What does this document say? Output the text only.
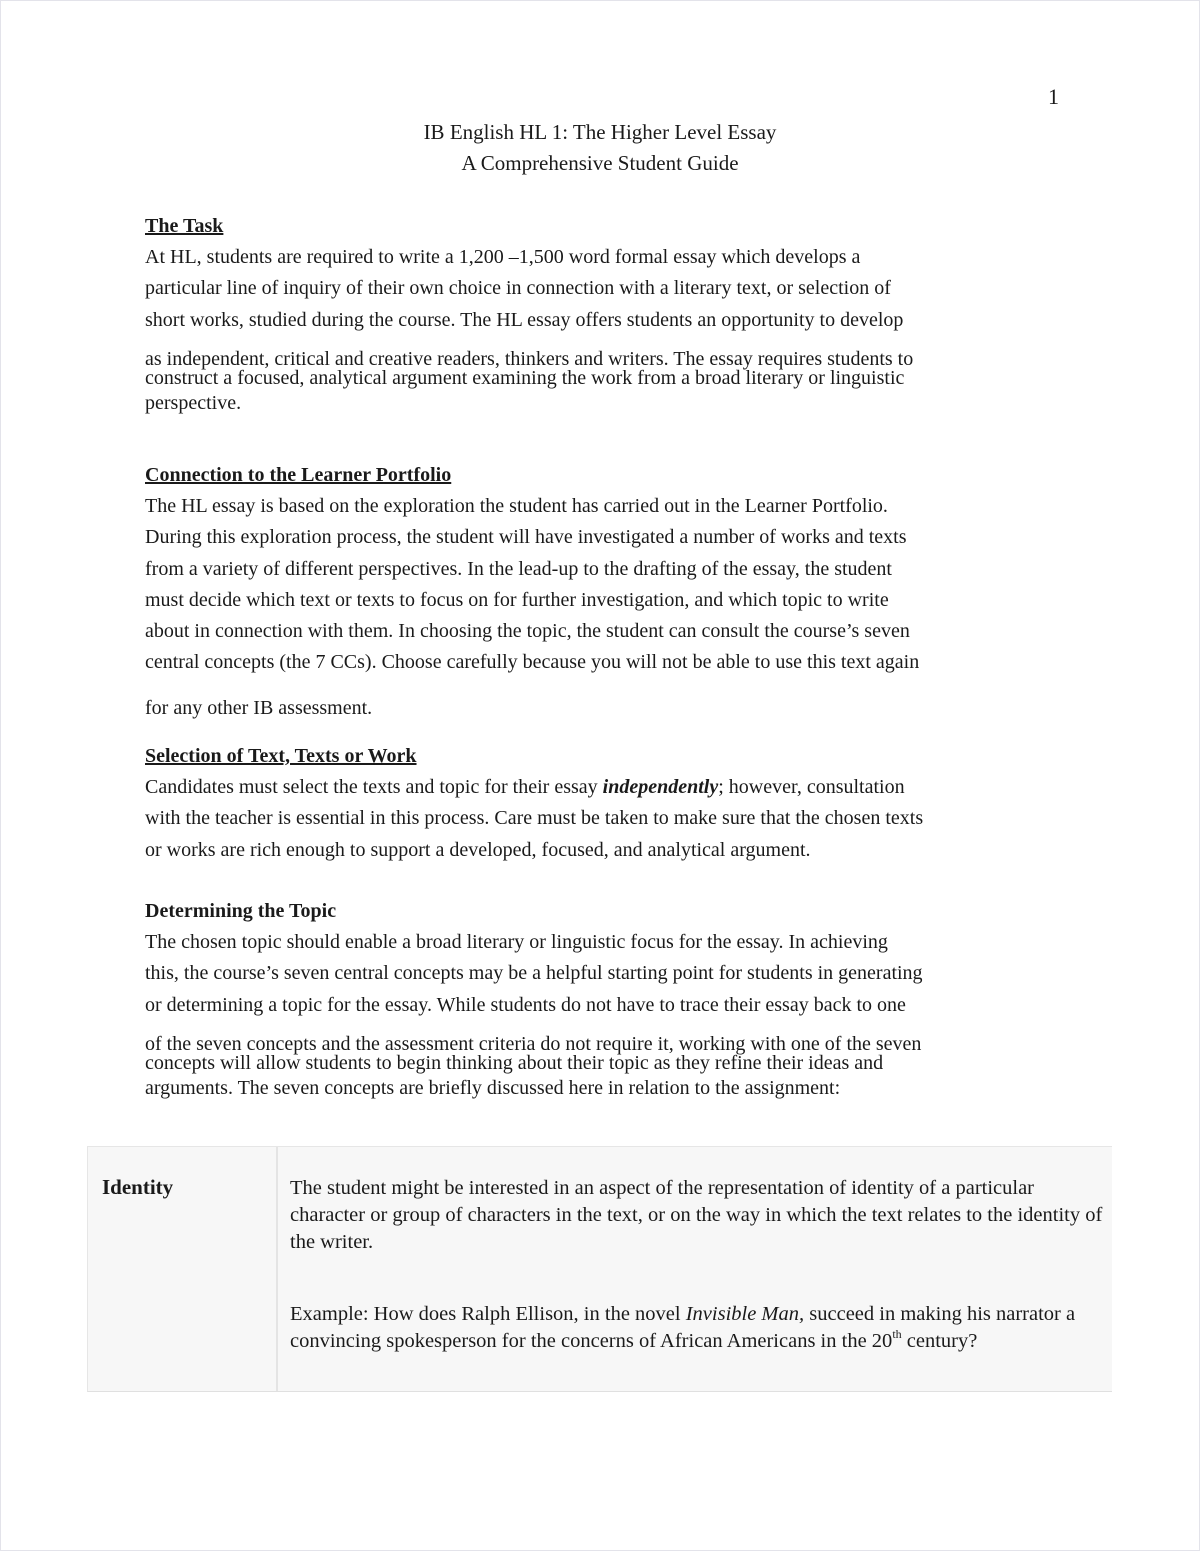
1
IB English HL 1: The Higher Level Essay
A Comprehensive Student Guide
The Task
At HL, students are required to write a 1,200 –1,500 word formal essay which develops a
particular line of inquiry of their own choice in connection with a literary text, or selection of
short works, studied during the course. The HL essay offers students an opportunity to develop
as independent, critical and creative readers, thinkers and writers. The essay requires students to
construct a focused, analytical argument examining the work from a broad literary or linguistic
perspective.
Connection to the Learner Portfolio
The HL essay is based on the exploration the student has carried out in the Learner Portfolio.
During this exploration process, the student will have investigated a number of works and texts
from a variety of different perspectives. In the lead-up to the drafting of the essay, the student
must decide which text or texts to focus on for further investigation, and which topic to write
about in connection with them. In choosing the topic, the student can consult the course’s seven
central concepts (the 7 CCs). Choose carefully because you will not be able to use this text again
for any other IB assessment.
Selection of Text, Texts or Work
Candidates must select the texts and topic for their essay independently; however, consultation
with the teacher is essential in this process. Care must be taken to make sure that the chosen texts
or works are rich enough to support a developed, focused, and analytical argument.
Determining the Topic
The chosen topic should enable a broad literary or linguistic focus for the essay. In achieving
this, the course’s seven central concepts may be a helpful starting point for students in generating
or determining a topic for the essay. While students do not have to trace their essay back to one
of the seven concepts and the assessment criteria do not require it, working with one of the seven
concepts will allow students to begin thinking about their topic as they refine their ideas and
arguments. The seven concepts are briefly discussed here in relation to the assignment:
Identity	The student might be interested in an aspect of the representation of identity of a particular character or group of characters in the text, or on the way in which the text relates to the identity of the writer.
Example: How does Ralph Ellison, in the novel Invisible Man, succeed in making his narrator a convincing spokesperson for the concerns of African Americans in the 20th century?
